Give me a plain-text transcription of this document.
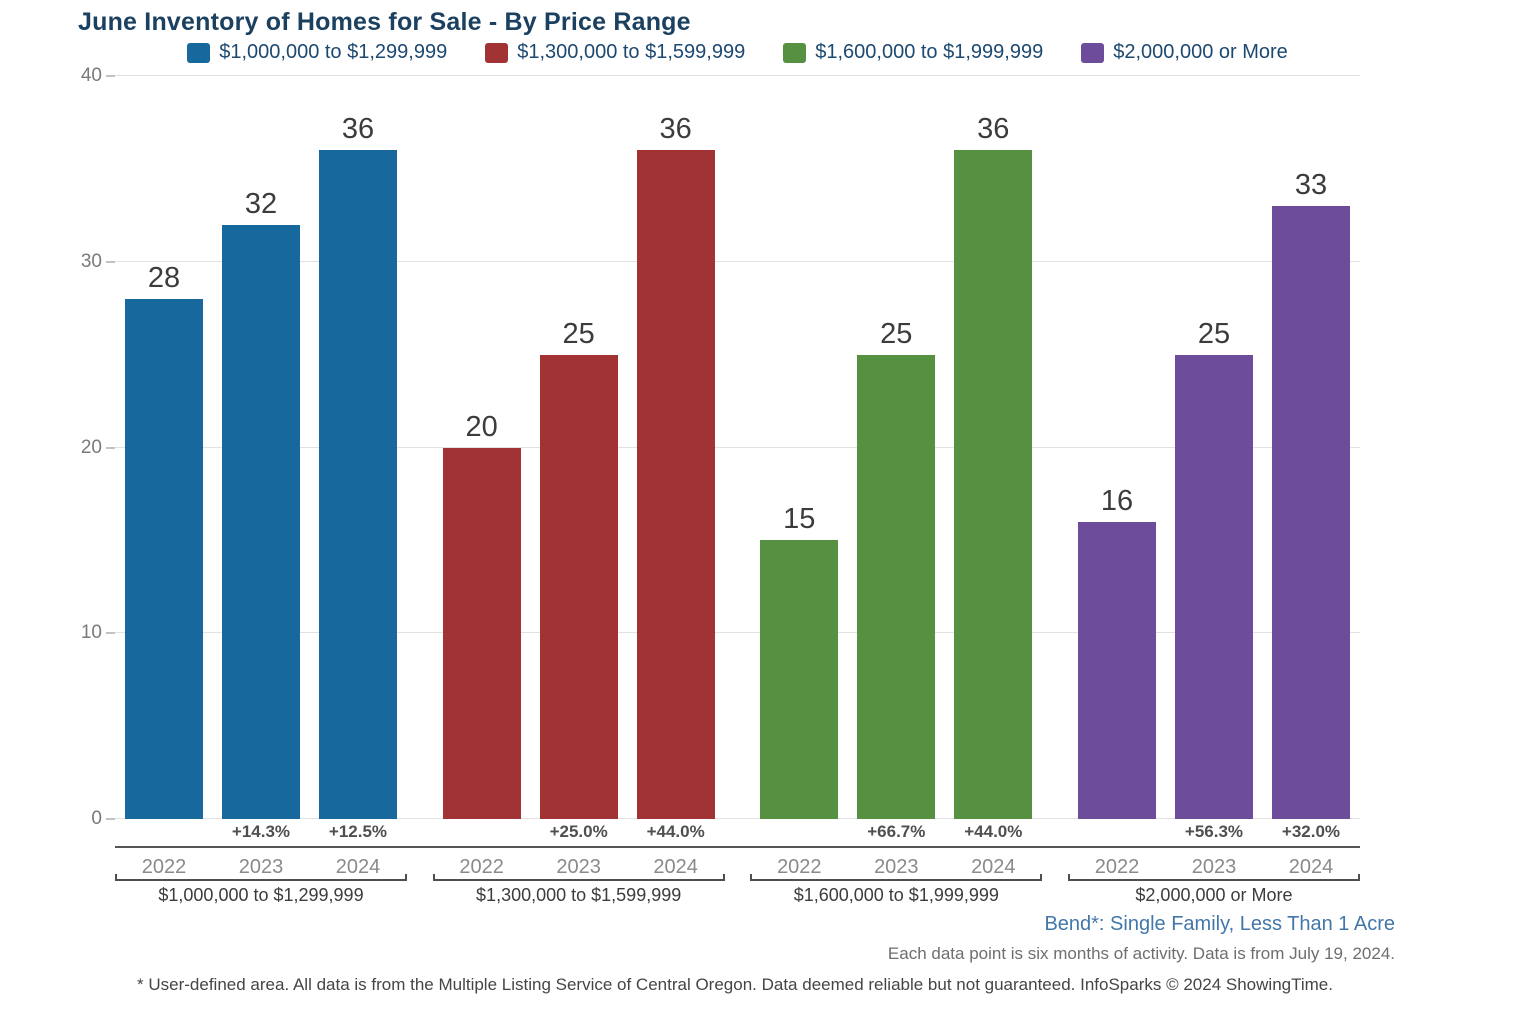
June Inventory of Homes for Sale - By Price Range
$1,000,000 to $1,299,999	$1,300,000 to $1,599,999	$1,600,000 to $1,999,999	$2,000,000 or More
40
30
20
10
0
28
32
36
20
25
36
15
25
36
16
25
33
+14.3%	+12.5%	+25.0%	+44.0%	+66.7%	+44.0%	+56.3%	+32.0%
2022	2023	2024	2022	2023	2024	2022	2023	2024	2022	2023	2024
$1,000,000 to $1,299,999	$1,300,000 to $1,599,999	$1,600,000 to $1,999,999	$2,000,000 or More
Bend*: Single Family, Less Than 1 Acre
Each data point is six months of activity. Data is from July 19, 2024.
* User-defined area. All data is from the Multiple Listing Service of Central Oregon. Data deemed reliable but not guaranteed. InfoSparks © 2024 ShowingTime.
